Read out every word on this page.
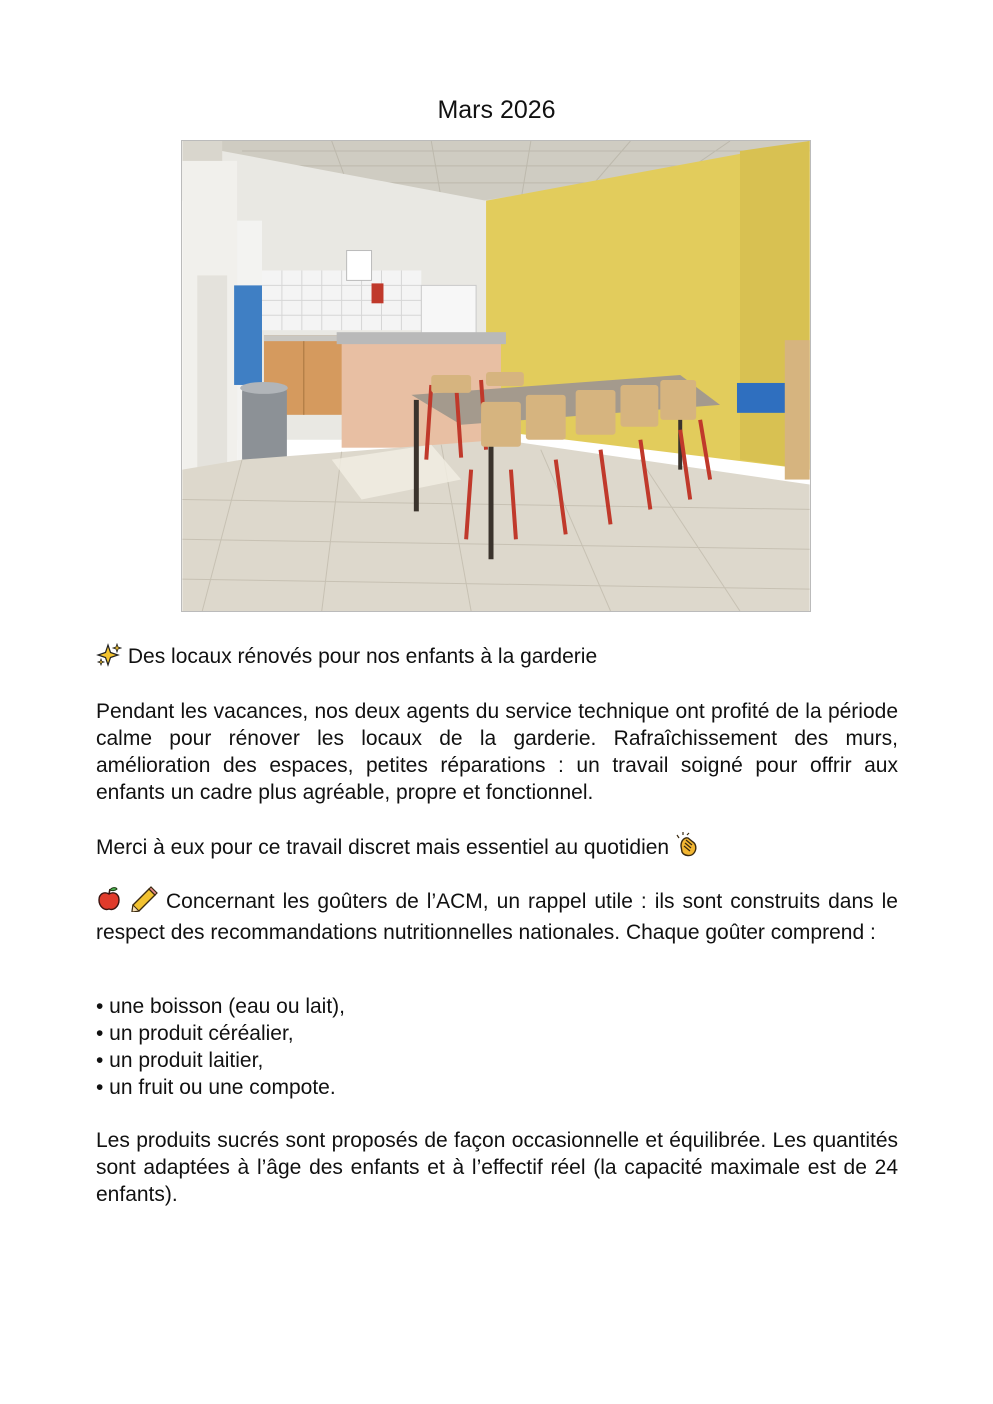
Mars 2026
Des locaux rénovés pour nos enfants à la garderie

Pendant les vacances, nos deux agents du service technique ont profité de la période calme pour rénover les locaux de la garderie. Rafraîchissement des murs, amélioration des espaces, petites réparations : un travail soigné pour offrir aux enfants un cadre plus agréable, propre et fonctionnel.

Merci à eux pour ce travail discret mais essentiel au quotidien

Concernant les goûters de l’ACM, un rappel utile : ils sont construits dans le respect des recommandations nutritionnelles nationales. Chaque goûter comprend :

• une boisson (eau ou lait),
• un produit céréalier,
• un produit laitier,
• un fruit ou une compote.

Les produits sucrés sont proposés de façon occasionnelle et équilibrée. Les quantités sont adaptées à l’âge des enfants et à l’effectif réel (la capacité maximale est de 24 enfants).
